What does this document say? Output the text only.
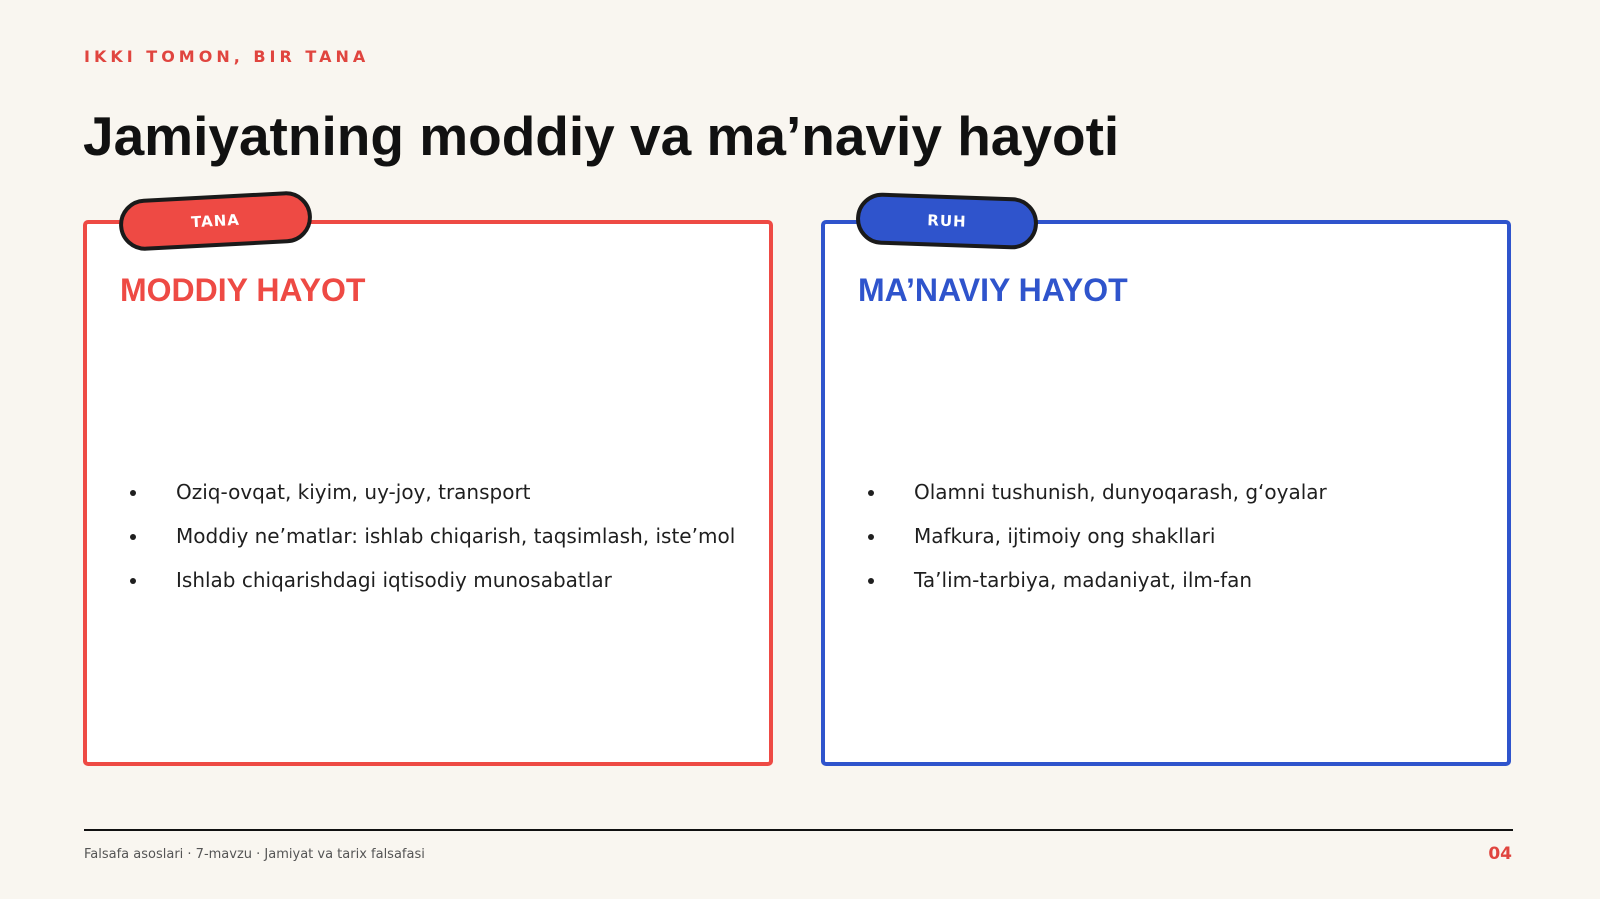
IKKI TOMON, BIR TANA

Jamiyatning moddiy va ma’naviy hayoti
TANA	RUH
MODDIY HAYOT	MA’NAVIY HAYOT
Oziq-ovqat, kiyim, uy-joy, transport
Moddiy ne’matlar: ishlab chiqarish, taqsimlash, iste’mol
Ishlab chiqarishdagi iqtisodiy munosabatlar
Olamni tushunish, dunyoqarash, g‘oyalar
Mafkura, ijtimoiy ong shakllari
Ta’lim-tarbiya, madaniyat, ilm-fan

Falsafa asoslari · 7-mavzu · Jamiyat va tarix falsafasi	04
